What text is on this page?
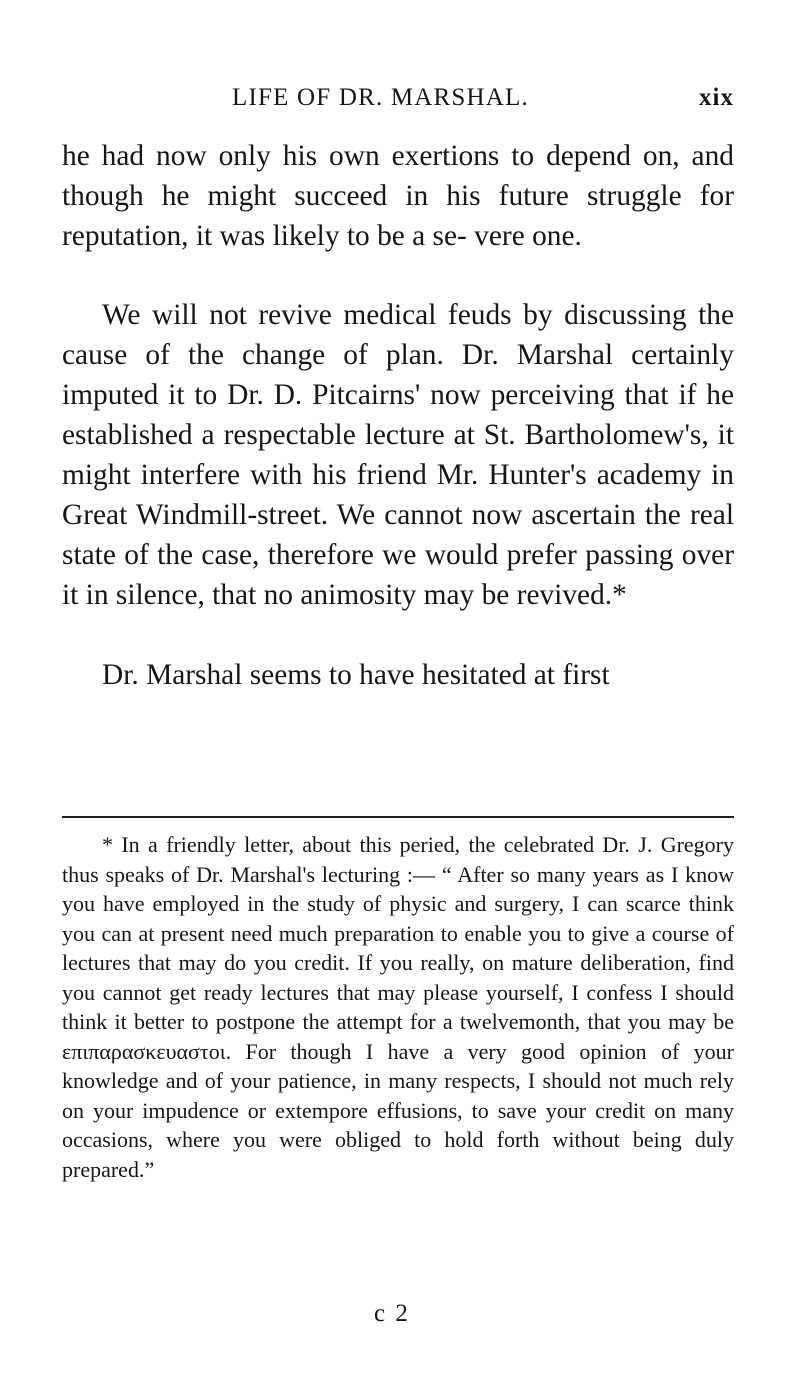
LIFE OF DR. MARSHAL.	xix

he had now only his own exertions to depend on, and though he might succeed in his future struggle for reputation, it was likely to be a se- vere one.

We will not revive medical feuds by discussing the cause of the change of plan. Dr. Marshal certainly imputed it to Dr. D. Pitcairns' now perceiving that if he established a respectable lecture at St. Bartholomew's, it might interfere with his friend Mr. Hunter's academy in Great Windmill-street. We cannot now ascertain the real state of the case, therefore we would prefer passing over it in silence, that no animosity may be revived.*

Dr. Marshal seems to have hesitated at first

* In a friendly letter, about this peried, the celebrated Dr. J. Gregory thus speaks of Dr. Marshal's lecturing :— “ After so many years as I know you have employed in the study of physic and surgery, I can scarce think you can at present need much preparation to enable you to give a course of lectures that may do you credit. If you really, on mature deliberation, find you cannot get ready lectures that may please yourself, I confess I should think it better to postpone the attempt for a twelvemonth, that you may be επιπαρασκευαστοι. For though I have a very good opinion of your knowledge and of your patience, in many respects, I should not much rely on your impudence or extempore effusions, to save your credit on many occasions, where you were obliged to hold forth without being duly prepared.”

c 2
